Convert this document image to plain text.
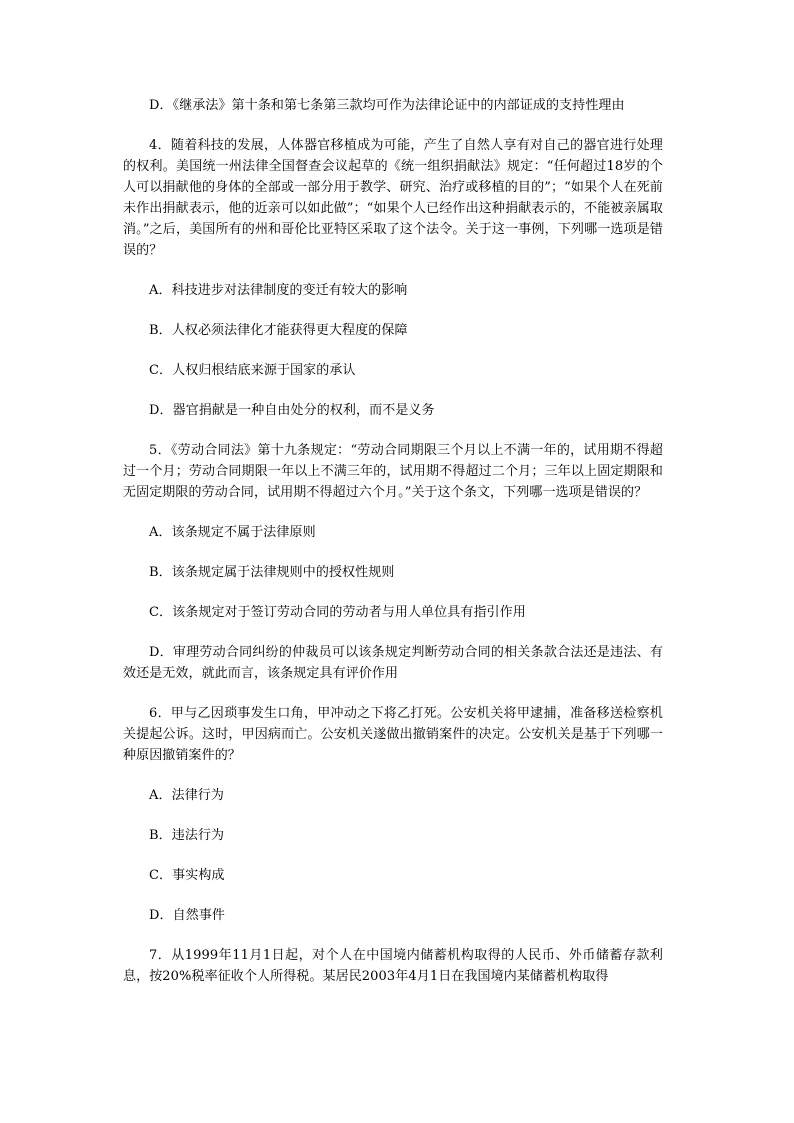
D．《继承法》第十条和第七条第三款均可作为法律论证中的内部证成的支持性理由

4．随着科技的发展，人体器官移植成为可能，产生了自然人享有对自己的器官进行处理的权利。美国统一州法律全国督查会议起草的《统一组织捐献法》规定：“任何超过18岁的个人可以捐献他的身体的全部或一部分用于教学、研究、治疗或移植的目的”；“如果个人在死前未作出捐献表示，他的近亲可以如此做”；“如果个人已经作出这种捐献表示的，不能被亲属取消。”之后，美国所有的州和哥伦比亚特区采取了这个法令。关于这一事例，下列哪一选项是错误的？

A．科技进步对法律制度的变迁有较大的影响

B．人权必须法律化才能获得更大程度的保障

C．人权归根结底来源于国家的承认

D．器官捐献是一种自由处分的权利，而不是义务

5．《劳动合同法》第十九条规定：“劳动合同期限三个月以上不满一年的，试用期不得超过一个月；劳动合同期限一年以上不满三年的，试用期不得超过二个月；三年以上固定期限和无固定期限的劳动合同，试用期不得超过六个月。”关于这个条文，下列哪一选项是错误的？

A．该条规定不属于法律原则

B．该条规定属于法律规则中的授权性规则

C．该条规定对于签订劳动合同的劳动者与用人单位具有指引作用

D．审理劳动合同纠纷的仲裁员可以该条规定判断劳动合同的相关条款合法还是违法、有效还是无效，就此而言，该条规定具有评价作用

6．甲与乙因琐事发生口角，甲冲动之下将乙打死。公安机关将甲逮捕，准备移送检察机关提起公诉。这时，甲因病而亡。公安机关遂做出撤销案件的决定。公安机关是基于下列哪一种原因撤销案件的？

A．法律行为

B．违法行为

C．事实构成

D．自然事件

7．从1999年11月1日起，对个人在中国境内储蓄机构取得的人民币、外币储蓄存款利息，按20%税率征收个人所得税。某居民2003年4月1日在我国境内某储蓄机构取得
